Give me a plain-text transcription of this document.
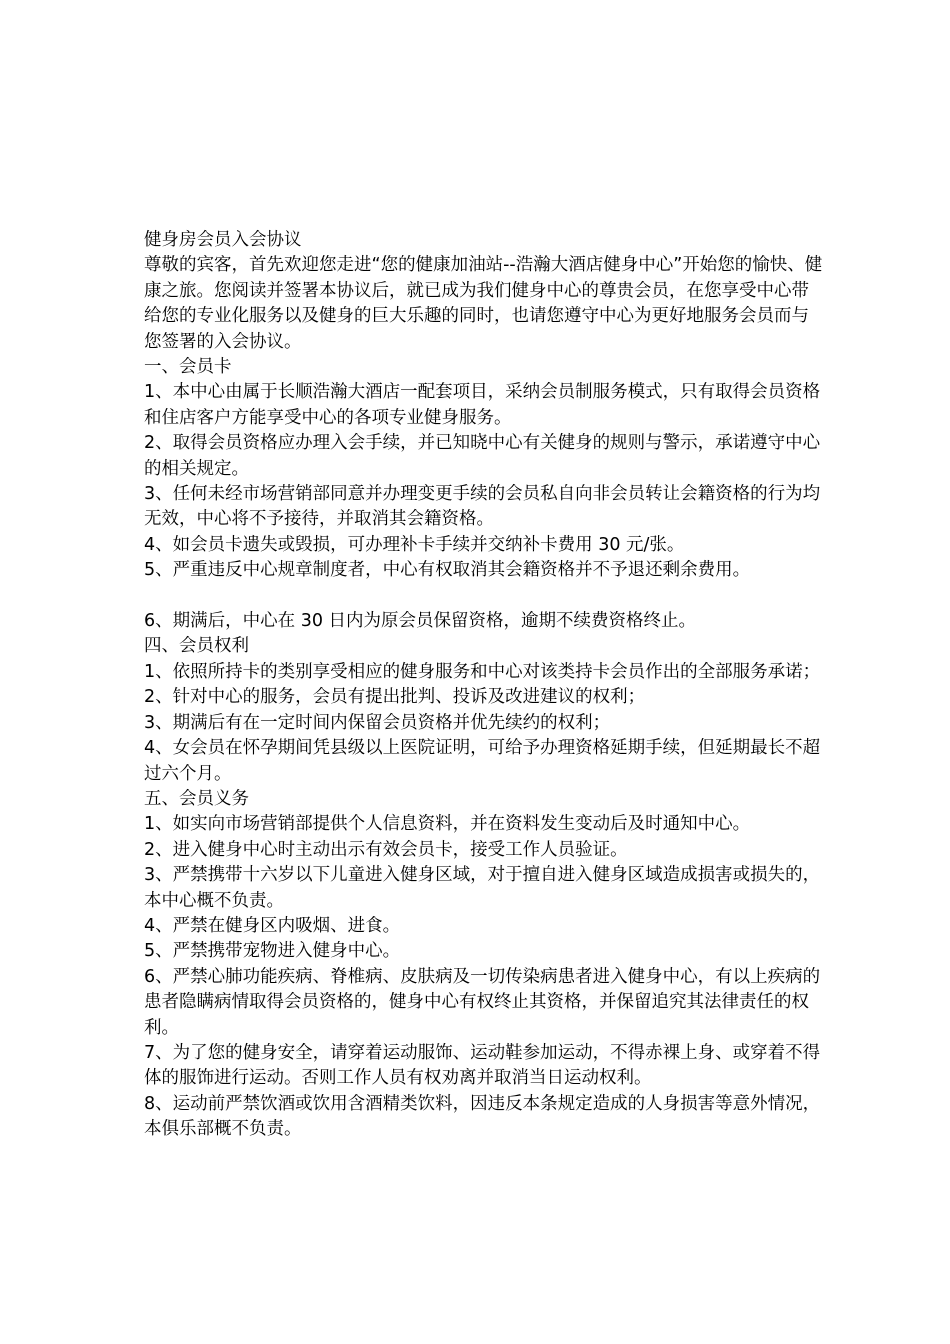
健身房会员入会协议

尊敬的宾客，首先欢迎您走进“您的健康加油站--浩瀚大酒店健身中心”开始您的愉快、健康之旅。您阅读并签署本协议后，就已成为我们健身中心的尊贵会员，在您享受中心带给您的专业化服务以及健身的巨大乐趣的同时，也请您遵守中心为更好地服务会员而与您签署的入会协议。

一、会员卡

1、本中心由属于长顺浩瀚大酒店一配套项目，采纳会员制服务模式，只有取得会员资格和住店客户方能享受中心的各项专业健身服务。

2、取得会员资格应办理入会手续，并已知晓中心有关健身的规则与警示，承诺遵守中心的相关规定。

3、任何未经市场营销部同意并办理变更手续的会员私自向非会员转让会籍资格的行为均无效，中心将不予接待，并取消其会籍资格。

4、如会员卡遗失或毁损，可办理补卡手续并交纳补卡费用 30 元/张。

5、严重违反中心规章制度者，中心有权取消其会籍资格并不予退还剩余费用。

6、期满后，中心在 30 日内为原会员保留资格，逾期不续费资格终止。

四、会员权利

1、依照所持卡的类别享受相应的健身服务和中心对该类持卡会员作出的全部服务承诺；

2、针对中心的服务，会员有提出批判、投诉及改进建议的权利；

3、期满后有在一定时间内保留会员资格并优先续约的权利；

4、女会员在怀孕期间凭县级以上医院证明，可给予办理资格延期手续，但延期最长不超过六个月。

五、会员义务

1、如实向市场营销部提供个人信息资料，并在资料发生变动后及时通知中心。

2、进入健身中心时主动出示有效会员卡，接受工作人员验证。

3、严禁携带十六岁以下儿童进入健身区域，对于擅自进入健身区域造成损害或损失的，本中心概不负责。

4、严禁在健身区内吸烟、进食。

5、严禁携带宠物进入健身中心。

6、严禁心肺功能疾病、脊椎病、皮肤病及一切传染病患者进入健身中心，有以上疾病的患者隐瞒病情取得会员资格的，健身中心有权终止其资格，并保留追究其法律责任的权利。

7、为了您的健身安全，请穿着运动服饰、运动鞋参加运动，不得赤裸上身、或穿着不得体的服饰进行运动。否则工作人员有权劝离并取消当日运动权利。

8、运动前严禁饮酒或饮用含酒精类饮料，因违反本条规定造成的人身损害等意外情况，本俱乐部概不负责。
